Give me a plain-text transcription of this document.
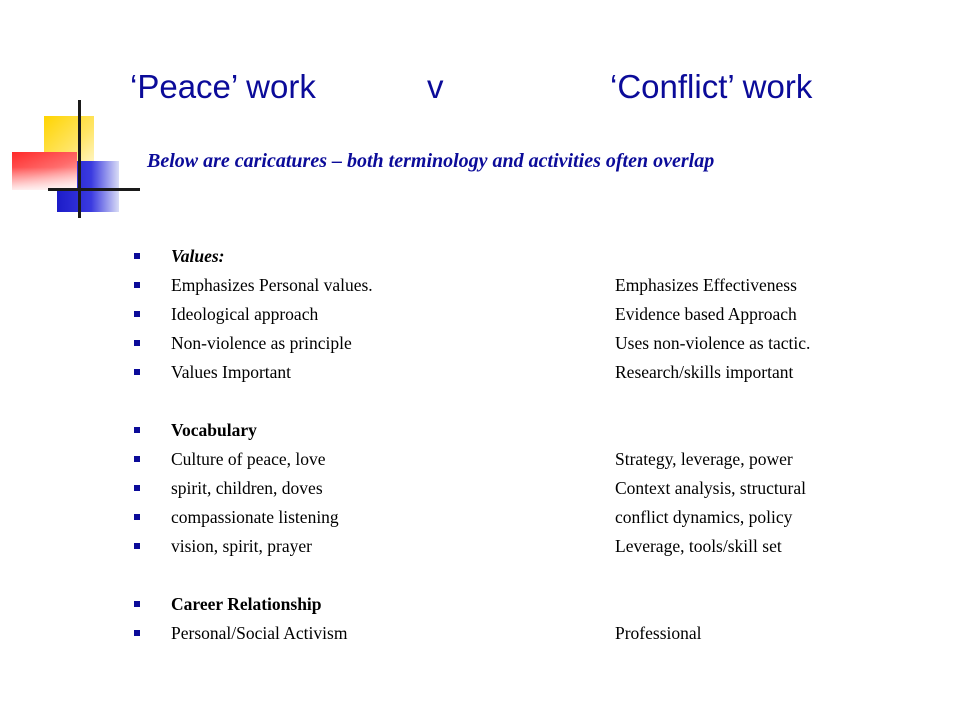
‘Peace’ work	v	‘Conflict’ work
Below are caricatures – both terminology and activities often overlap
Values:
Emphasizes Personal values.	Emphasizes Effectiveness
Ideological approach	Evidence based Approach
Non-violence as principle	Uses non-violence as tactic.
Values Important	Research/skills important
Vocabulary
Culture of peace, love	Strategy, leverage, power
spirit, children, doves	Context analysis, structural
compassionate listening	conflict dynamics, policy
vision, spirit, prayer	Leverage, tools/skill set
Career Relationship
Personal/Social Activism	Professional
